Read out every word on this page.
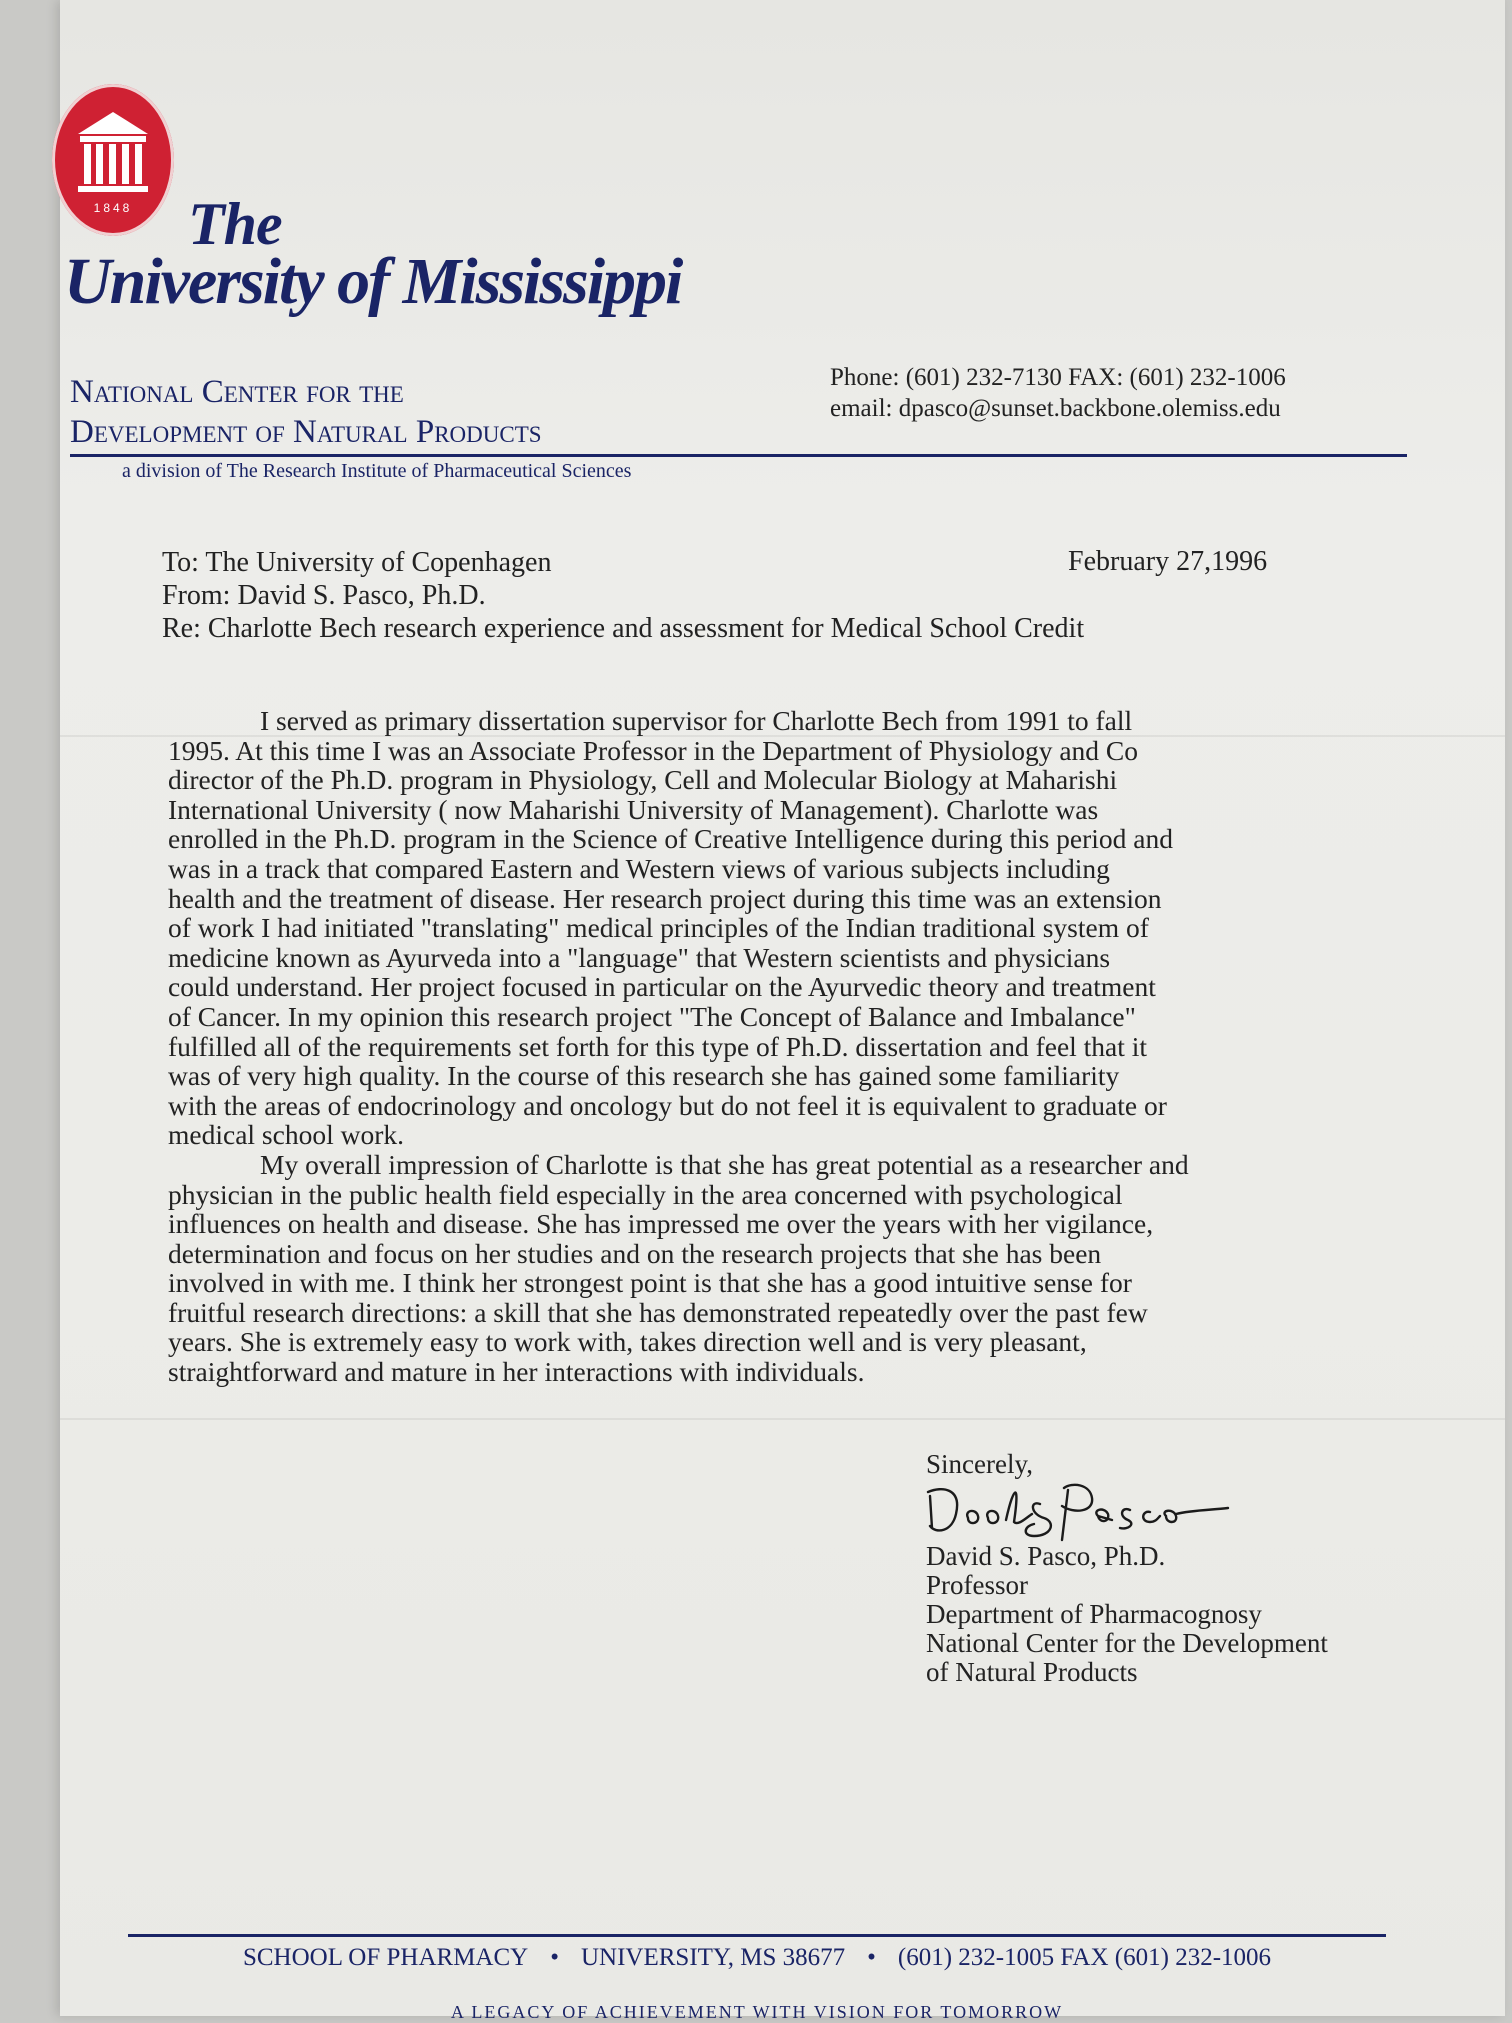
1848 The
University of Mississippi
National Center for the
Development of Natural Products
Phone: (601) 232-7130 FAX: (601) 232-1006
email: dpasco@sunset.backbone.olemiss.edu
a division of The Research Institute of Pharmaceutical Sciences
To: The University of Copenhagen
From: David S. Pasco, Ph.D.
Re: Charlotte Bech research experience and assessment for Medical School Credit
February 27,1996
I served as primary dissertation supervisor for Charlotte Bech from 1991 to fall
1995. At this time I was an Associate Professor in the Department of Physiology and Co
director of the Ph.D. program in Physiology, Cell and Molecular Biology at Maharishi
International University ( now Maharishi University of Management). Charlotte was
enrolled in the Ph.D. program in the Science of Creative Intelligence during this period and
was in a track that compared Eastern and Western views of various subjects including
health and the treatment of disease. Her research project during this time was an extension
of work I had initiated "translating" medical principles of the Indian traditional system of
medicine known as Ayurveda into a "language" that Western scientists and physicians
could understand. Her project focused in particular on the Ayurvedic theory and treatment
of Cancer. In my opinion this research project "The Concept of Balance and Imbalance"
fulfilled all of the requirements set forth for this type of Ph.D. dissertation and feel that it
was of very high quality. In the course of this research she has gained some familiarity
with the areas of endocrinology and oncology but do not feel it is equivalent to graduate or
medical school work.
My overall impression of Charlotte is that she has great potential as a researcher and
physician in the public health field especially in the area concerned with psychological
influences on health and disease. She has impressed me over the years with her vigilance,
determination and focus on her studies and on the research projects that she has been
involved in with me. I think her strongest point is that she has a good intuitive sense for
fruitful research directions: a skill that she has demonstrated repeatedly over the past few
years. She is extremely easy to work with, takes direction well and is very pleasant,
straightforward and mature in her interactions with individuals.
Sincerely,
David S. Pasco, Ph.D.
Professor
Department of Pharmacognosy
National Center for the Development
of Natural Products
SCHOOL OF PHARMACY • UNIVERSITY, MS 38677 • (601) 232-1005 FAX (601) 232-1006
A LEGACY OF ACHIEVEMENT WITH VISION FOR TOMORROW
